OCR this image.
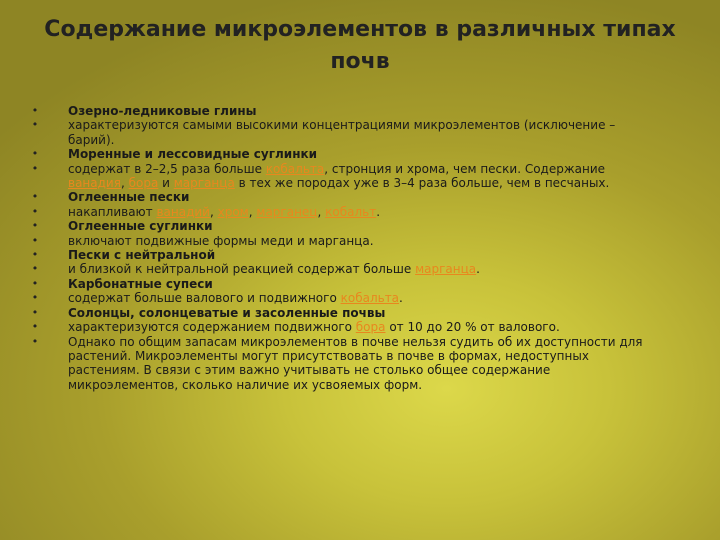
Содержание микроэлементов в различных типах почв
• Озерно-ледниковые глины
• характеризуются самыми высокими концентрациями микроэлементов (исключение – барий).
• Моренные и лессовидные суглинки
• содержат в 2–2,5 раза больше кобальта, стронция и хрома, чем пески. Содержание ванадия, бора и марганца в тех же породах уже в 3–4 раза больше, чем в песчаных.
• Оглеенные пески
• накапливают ванадий, хром, марганец, кобальт.
• Оглеенные суглинки
• включают подвижные формы меди и марганца.
• Пески с нейтральной
• и близкой к нейтральной реакцией содержат больше марганца.
• Карбонатные супеси
• содержат больше валового и подвижного кобальта.
• Солонцы, солонцеватые и засоленные почвы
• характеризуются содержанием подвижного бора от 10 до 20 % от валового.
• Однако по общим запасам микроэлементов в почве нельзя судить об их доступности для растений. Микроэлементы могут присутствовать в почве в формах, недоступных растениям. В связи с этим важно учитывать не столько общее содержание микроэлементов, сколько наличие их усвояемых форм.
